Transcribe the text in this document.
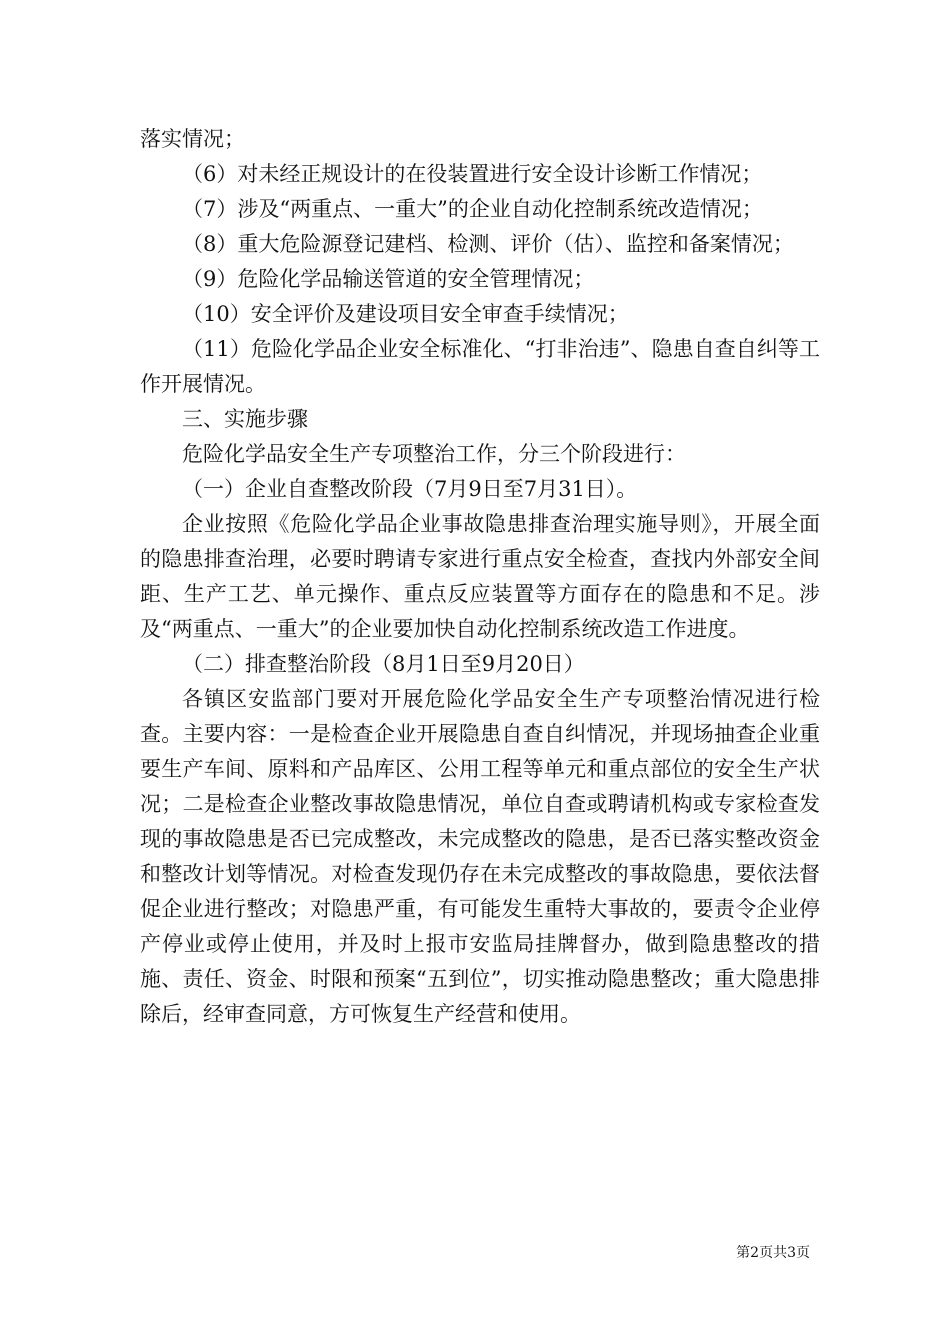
落实情况；

（6）对未经正规设计的在役装置进行安全设计诊断工作情况；

（7）涉及“两重点、一重大”的企业自动化控制系统改造情况；

（8）重大危险源登记建档、检测、评价（估）、监控和备案情况；

（9）危险化学品输送管道的安全管理情况；

（10）安全评价及建设项目安全审查手续情况；

（11）危险化学品企业安全标准化、“打非治违”、隐患自查自纠等工作开展情况。

三、实施步骤

危险化学品安全生产专项整治工作，分三个阶段进行：

（一）企业自查整改阶段（7月9日至7月31日）。

企业按照《危险化学品企业事故隐患排查治理实施导则》，开展全面的隐患排查治理，必要时聘请专家进行重点安全检查，查找内外部安全间距、生产工艺、单元操作、重点反应装置等方面存在的隐患和不足。涉及“两重点、一重大”的企业要加快自动化控制系统改造工作进度。

（二）排查整治阶段（8月1日至9月20日）

各镇区安监部门要对开展危险化学品安全生产专项整治情况进行检查。主要内容：一是检查企业开展隐患自查自纠情况，并现场抽查企业重要生产车间、原料和产品库区、公用工程等单元和重点部位的安全生产状况；二是检查企业整改事故隐患情况，单位自查或聘请机构或专家检查发现的事故隐患是否已完成整改，未完成整改的隐患，是否已落实整改资金和整改计划等情况。对检查发现仍存在未完成整改的事故隐患，要依法督促企业进行整改；对隐患严重，有可能发生重特大事故的，要责令企业停产停业或停止使用，并及时上报市安监局挂牌督办，做到隐患整改的措施、责任、资金、时限和预案“五到位”，切实推动隐患整改；重大隐患排除后，经审查同意，方可恢复生产经营和使用。

第2页共3页
